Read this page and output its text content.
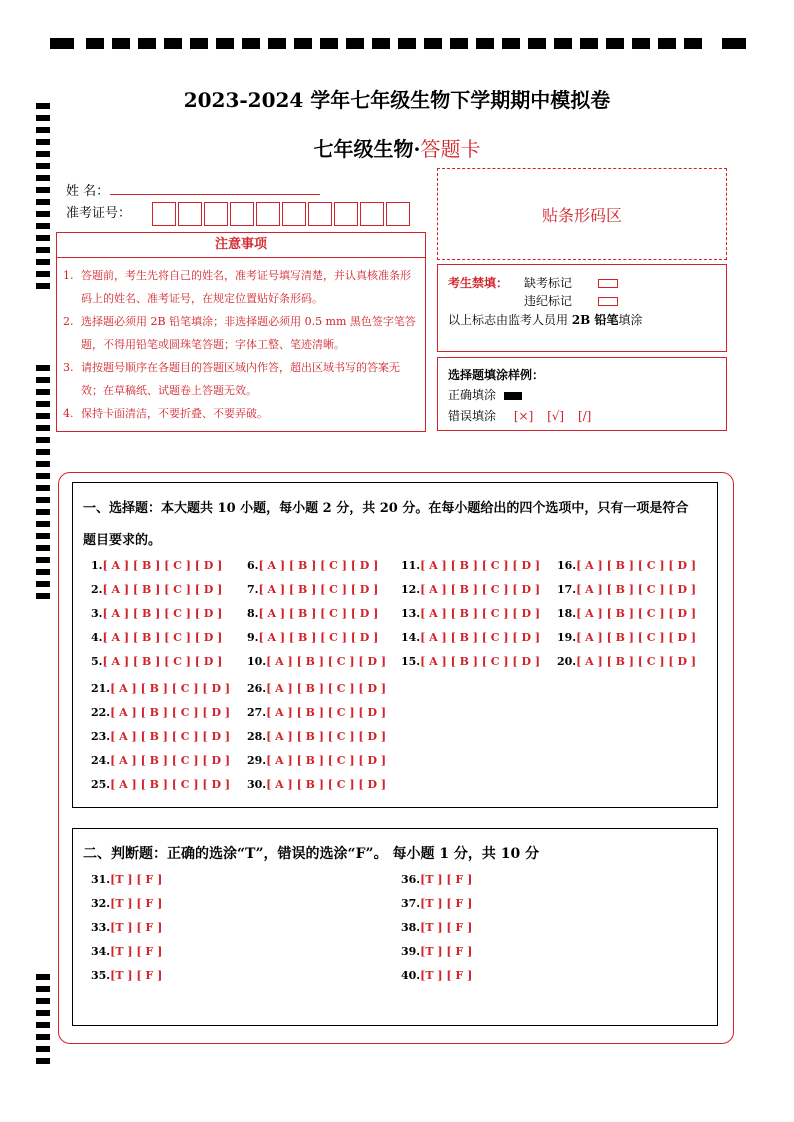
2023-2024 学年七年级生物下学期期中模拟卷
七年级生物·答题卡
姓 名：
准考证号：	贴条形码区
注意事项
1. 答题前，考生先将自己的姓名，准考证号填写清楚，并认真核准条形码上的姓名、准考证号，在规定位置贴好条形码。
2. 选择题必须用 2B 铅笔填涂；非选择题必须用 0.5 mm 黑色签字笔答题，不得用铅笔或圆珠笔答题；字体工整、笔迹清晰。
3. 请按题号顺序在各题目的答题区域内作答，超出区域书写的答案无效；在草稿纸、试题卷上答题无效。
4. 保持卡面清洁，不要折叠、不要弄破。
考生禁填： 缺考标记
违纪标记
以上标志由监考人员用 2B 铅笔填涂
选择题填涂样例：
正确填涂
错误填涂 [×] [√] [/]
一、选择题：本大题共 10 小题，每小题 2 分，共 20 分。在每小题给出的四个选项中，只有一项是符合
题目要求的。
1.[ A ] [ B ] [ C ] [ D ]
2.[ A ] [ B ] [ C ] [ D ]
3.[ A ] [ B ] [ C ] [ D ]
4.[ A ] [ B ] [ C ] [ D ]
5.[ A ] [ B ] [ C ] [ D ]
6.[ A ] [ B ] [ C ] [ D ]
7.[ A ] [ B ] [ C ] [ D ]
8.[ A ] [ B ] [ C ] [ D ]
9.[ A ] [ B ] [ C ] [ D ]
10.[ A ] [ B ] [ C ] [ D ]
11.[ A ] [ B ] [ C ] [ D ]
12.[ A ] [ B ] [ C ] [ D ]
13.[ A ] [ B ] [ C ] [ D ]
14.[ A ] [ B ] [ C ] [ D ]
15.[ A ] [ B ] [ C ] [ D ]
16.[ A ] [ B ] [ C ] [ D ]
17.[ A ] [ B ] [ C ] [ D ]
18.[ A ] [ B ] [ C ] [ D ]
19.[ A ] [ B ] [ C ] [ D ]
20.[ A ] [ B ] [ C ] [ D ]
21.[ A ] [ B ] [ C ] [ D ]
22.[ A ] [ B ] [ C ] [ D ]
23.[ A ] [ B ] [ C ] [ D ]
24.[ A ] [ B ] [ C ] [ D ]
25.[ A ] [ B ] [ C ] [ D ]
26.[ A ] [ B ] [ C ] [ D ]
27.[ A ] [ B ] [ C ] [ D ]
28.[ A ] [ B ] [ C ] [ D ]
29.[ A ] [ B ] [ C ] [ D ]
30.[ A ] [ B ] [ C ] [ D ]
二、判断题：正确的选涂“T”，错误的选涂“F”。 每小题 1 分，共 10 分
31.[T ] [ F ]
32.[T ] [ F ]
33.[T ] [ F ]
34.[T ] [ F ]
35.[T ] [ F ]
36.[T ] [ F ]
37.[T ] [ F ]
38.[T ] [ F ]
39.[T ] [ F ]
40.[T ] [ F ]
